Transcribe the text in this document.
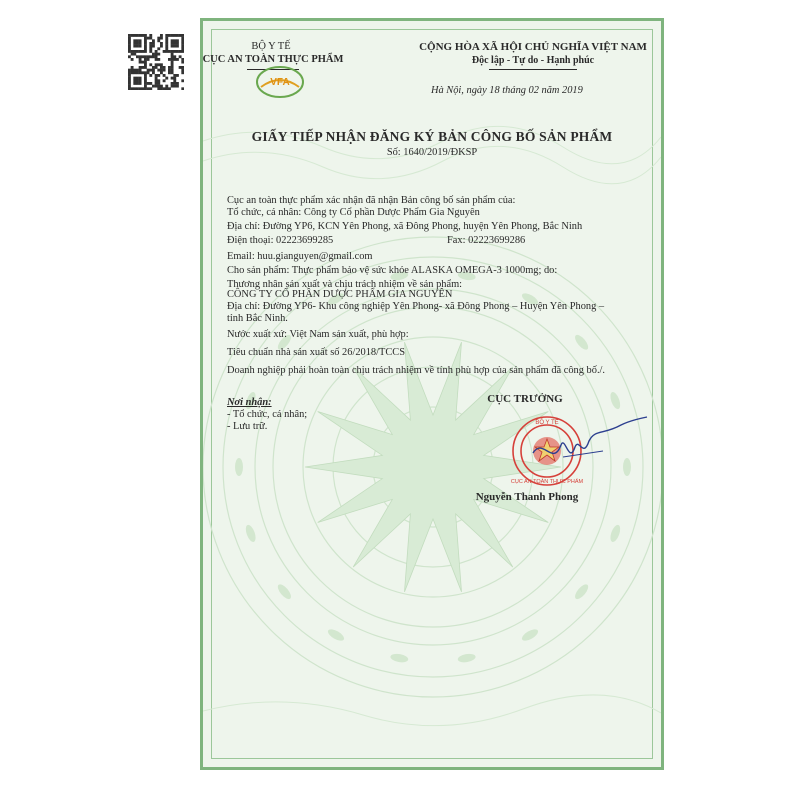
BỘ Y TẾ
CỤC AN TOÀN THỰC PHẨM
VFA
CỘNG HÒA XÃ HỘI CHỦ NGHĨA VIỆT NAM
Độc lập - Tự do - Hạnh phúc
Hà Nội, ngày 18 tháng 02 năm 2019
GIẤY TIẾP NHẬN ĐĂNG KÝ BẢN CÔNG BỐ SẢN PHẨM
Số: 1640/2019/ĐKSP
Cục an toàn thực phẩm xác nhận đã nhận Bản công bố sản phẩm của:
Tổ chức, cá nhân: Công ty Cổ phần Dược Phẩm Gia Nguyên
Địa chỉ: Đường YP6, KCN Yên Phong, xã Đông Phong, huyện Yên Phong, Bắc Ninh
Điện thoại: 02223699285	Fax: 02223699286
Email: huu.gianguyen@gmail.com
Cho sản phẩm: Thực phẩm bảo vệ sức khỏe ALASKA OMEGA-3 1000mg; do:
Thương nhân sản xuất và chịu trách nhiệm về sản phẩm:
CÔNG TY CỔ PHẦN DƯỢC PHẨM GIA NGUYÊN
Địa chỉ: Đường YP6- Khu công nghiệp Yên Phong- xã Đông Phong – Huyện Yên Phong –
tỉnh Bắc Ninh.
Nước xuất xứ: Việt Nam sản xuất, phù hợp:
Tiêu chuẩn nhà sản xuất số 26/2018/TCCS
Doanh nghiệp phải hoàn toàn chịu trách nhiệm về tính phù hợp của sản phẩm đã công bố./.
Nơi nhận:
- Tổ chức, cá nhân;
- Lưu trữ.
CỤC TRƯỞNG
BỘ Y TẾ
CỤC AN TOÀN THỰC PHẨM
Nguyễn Thanh Phong
